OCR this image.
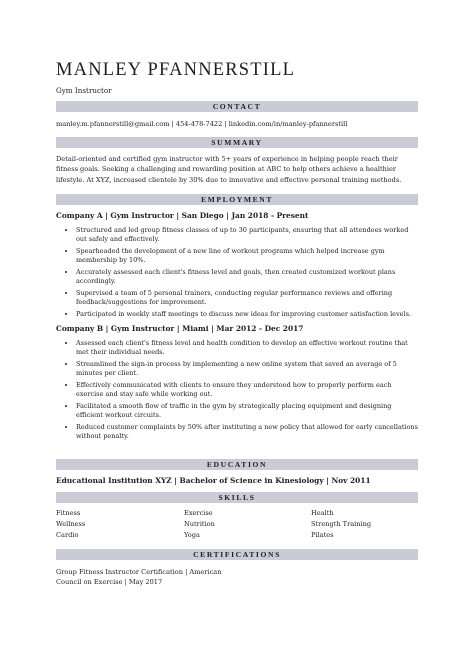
MANLEY PFANNERSTILL
Gym Instructor
CONTACT
manley.m.pfannerstill@gmail.com | 454-478-7422 | linkedin.com/in/manley-pfannerstill
SUMMARY
Detail-oriented and certified gym instructor with 5+ years of experience in helping people reach their fitness goals. Seeking a challenging and rewarding position at ABC to help others achieve a healthier lifestyle. At XYZ, increased clientele by 30% due to innovative and effective personal training methods.
EMPLOYMENT
Company A | Gym Instructor | San Diego | Jan 2018 - Present
• Structured and led group fitness classes of up to 30 participants, ensuring that all attendees worked out safely and effectively.
• Spearheaded the development of a new line of workout programs which helped increase gym membership by 10%.
• Accurately assessed each client's fitness level and goals, then created customized workout plans accordingly.
• Supervised a team of 5 personal trainers, conducting regular performance reviews and offering feedback/suggestions for improvement.
• Participated in weekly staff meetings to discuss new ideas for improving customer satisfaction levels.
Company B | Gym Instructor | Miami | Mar 2012 - Dec 2017
• Assessed each client's fitness level and health condition to develop an effective workout routine that met their individual needs.
• Streamlined the sign-in process by implementing a new online system that saved an average of 5 minutes per client.
• Effectively communicated with clients to ensure they understood how to properly perform each exercise and stay safe while working out.
• Facilitated a smooth flow of traffic in the gym by strategically placing equipment and designing efficient workout circuits.
• Reduced customer complaints by 50% after instituting a new policy that allowed for early cancellations without penalty.
EDUCATION
Educational Institution XYZ | Bachelor of Science in Kinesiology | Nov 2011
SKILLS
Fitness	Exercise	Health
Wellness	Nutrition	Strength Training
Cardio	Yoga	Pilates
CERTIFICATIONS
Group Fitness Instructor Certification | American
Council on Exercise | May 2017
